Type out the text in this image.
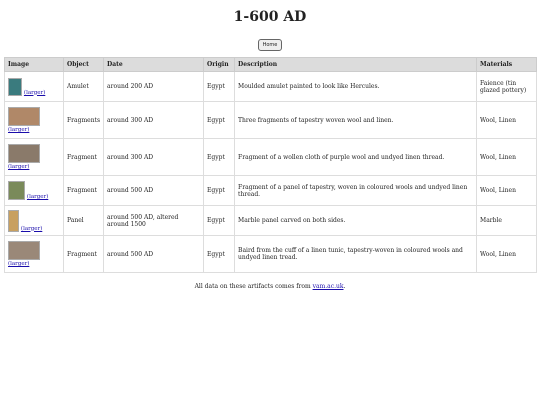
1-600 AD
Home
Image	Object	Date	Origin	Description	Materials
(larger)	Amulet	around 200 AD	Egypt	Moulded amulet painted to look like Hercules.	Faience (tin glazed pottery)

(larger)	Fragments	around 300 AD	Egypt	Three fragments of tapestry woven wool and linen.	Wool, Linen

(larger)	Fragment	around 300 AD	Egypt	Fragment of a wollen cloth of purple wool and undyed linen thread.	Wool, Linen
(larger)	Fragment	around 500 AD	Egypt	Fragment of a panel of tapestry, woven in coloured wools and undyed linen thread.	Wool, Linen
(larger)	Panel	around 500 AD, altered around 1500	Egypt	Marble panel carved on both sides.	Marble

(larger)	Fragment	around 500 AD	Egypt	Baird from the cuff of a linen tunic, tapestry-woven in coloured wools and undyed linen tread.	Wool, Linen
All data on these artifacts comes from vam.ac.uk.
